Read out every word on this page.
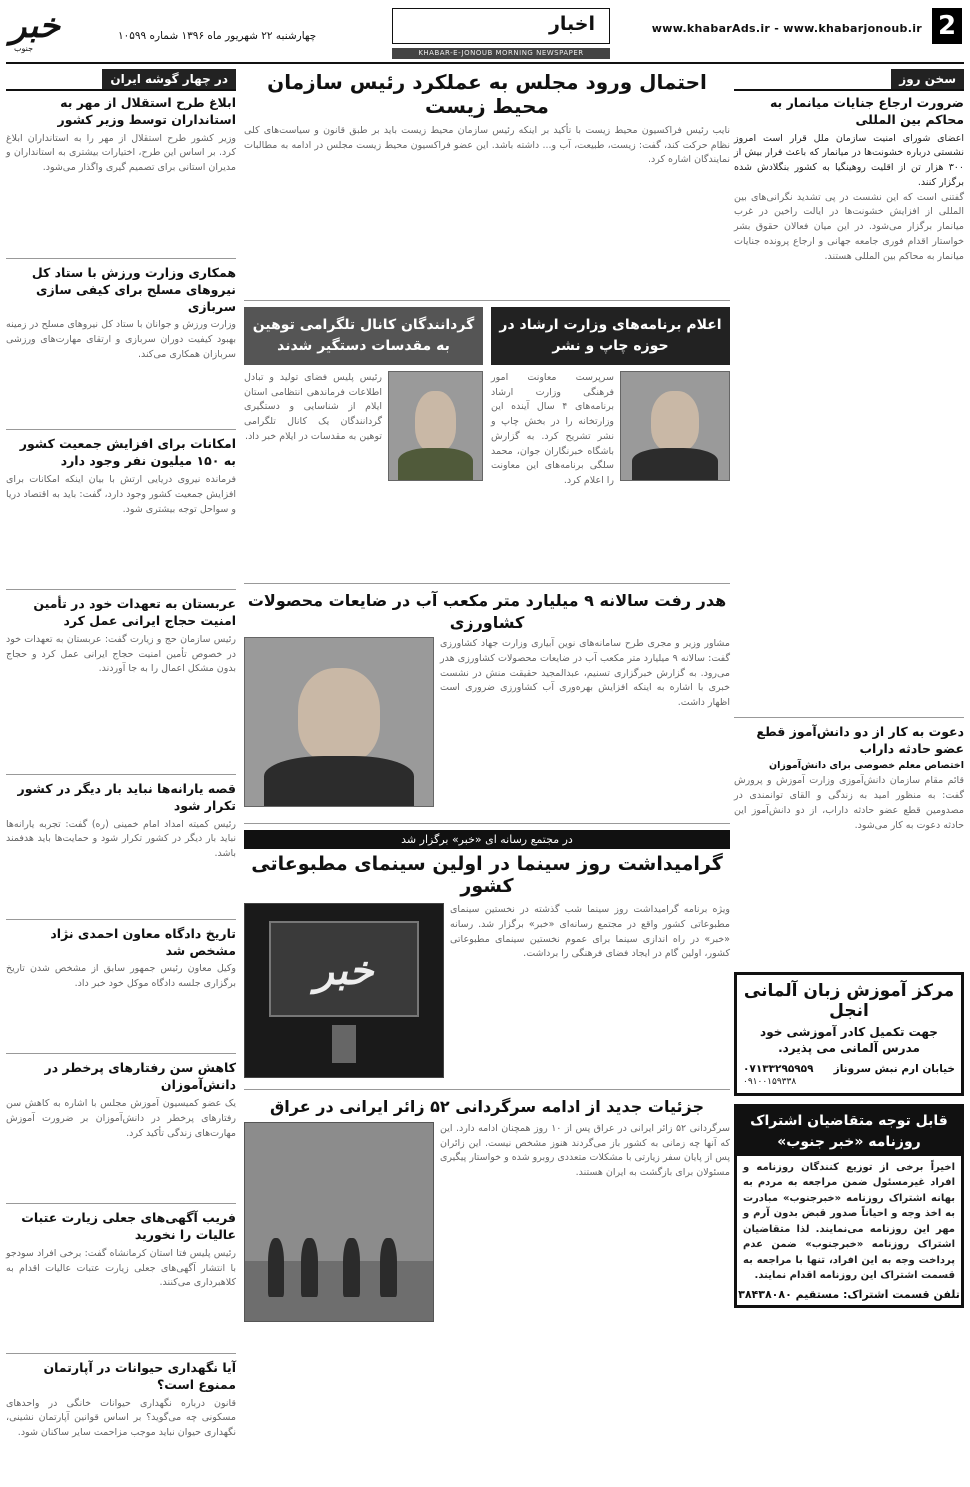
2
www.khabarAds.ir - www.khabarjonoub.ir
اخبار
چهارشنبه ۲۲ شهریور ماه ۱۳۹۶ شماره ۱۰۵۹۹
KHABAR-E-JONOUB MORNING NEWSPAPER
خبر
جنوب
سخن روز
ضرورت ارجاع جنایات میانمار به محاکم بین المللی
اعضای شورای امنیت سازمان ملل قرار است امروز نشستی درباره خشونت‌ها در میانمار که باعث فرار بیش از ۳۰۰ هزار تن از اقلیت روهینگیا به کشور بنگلادش شده برگزار کنند.
گفتنی است که این نشست در پی تشدید نگرانی‌های بین المللی از افزایش خشونت‌ها در ایالت راخین در غرب میانمار برگزار می‌شود. در این میان فعالان حقوق بشر خواستار اقدام فوری جامعه جهانی و ارجاع پرونده جنایات میانمار به محاکم بین المللی هستند.
دعوت به کار از دو دانش‌آموز قطع عضو حادثه داراب
اختصاص معلم خصوصی برای دانش‌آموزان
قائم مقام سازمان دانش‌آموزی وزارت آموزش و پرورش گفت: به منظور امید به زندگی و القای توانمندی در مصدومین قطع عضو حادثه داراب، از دو دانش‌آموز این حادثه دعوت به کار می‌شود.
مرکز آموزش زبان آلمانی انجل
جهت تکمیل کادر آموزشی خود
مدرس آلمانی می پذیرد.
۰۷۱۳۳۲۹۵۹۵۹ خیابان ارم نبش سروناز
۰۹۱۰۰۱۵۹۳۳۸
قابل توجه متقاضیان اشتراک روزنامه «خبر جنوب»
اخیراً برخی از توزیع کنندگان روزنامه و افراد غیرمسئول ضمن مراجعه به مردم به بهانه اشتراک روزنامه «خبرجنوب» مبادرت به اخذ وجه و احیاناً صدور قبض بدون آرم و مهر این روزنامه می‌نمایند. لذا متقاضیان اشتراک روزنامه «خبرجنوب» ضمن عدم پرداخت وجه به این افراد، تنها با مراجعه به قسمت اشتراک این روزنامه اقدام نمایند.
تلفن قسمت اشتراک: مستقیم ۳۸۴۳۸۰۸۰
احتمال ورود مجلس به عملکرد رئیس سازمان محیط زیست
نایب رئیس فراکسیون محیط زیست با تأکید بر اینکه رئیس سازمان محیط زیست باید بر طبق قانون و سیاست‌های کلی نظام حرکت کند، گفت: زیست، طبیعت، آب و... داشته باشد. این عضو فراکسیون محیط زیست مجلس در ادامه به مطالبات نمایندگان اشاره کرد.
اعلام برنامه‌های وزارت ارشاد در حوزه چاپ و نشر
سرپرست معاونت امور فرهنگی وزارت ارشاد برنامه‌های ۴ سال آینده این وزارتخانه را در بخش چاپ و نشر تشریح کرد. به گزارش باشگاه خبرنگاران جوان، محمد سلگی برنامه‌های این معاونت را اعلام کرد.
گردانندگان کانال تلگرامی توهین به مقدسات دستگیر شدند
رئیس پلیس فضای تولید و تبادل اطلاعات فرماندهی انتظامی استان ایلام از شناسایی و دستگیری گردانندگان یک کانال تلگرامی توهین به مقدسات در ایلام خبر داد.
هدر رفت سالانه ۹ میلیارد متر مکعب آب در ضایعات محصولات کشاورزی
مشاور وزیر و مجری طرح سامانه‌های نوین آبیاری وزارت جهاد کشاورزی گفت: سالانه ۹ میلیارد متر مکعب آب در ضایعات محصولات کشاورزی هدر می‌رود. به گزارش خبرگزاری تسنیم، عبدالمجید حقیقت منش در نشست خبری با اشاره به اینکه افزایش بهره‌وری آب کشاورزی ضروری است اظهار داشت.
در مجتمع رسانه ای «خبر» برگزار شد
گرامیداشت روز سینما در اولین سینمای مطبوعاتی کشور
ویژه برنامه گرامیداشت روز سینما شب گذشته در نخستین سینمای مطبوعاتی کشور واقع در مجتمع رسانه‌ای «خبر» برگزار شد. رسانه «خبر» در راه اندازی سینما برای عموم نخستین سینمای مطبوعاتی کشور، اولین گام در ایجاد فضای فرهنگی را برداشت.
خبر
جزئیات جدید از ادامه سرگردانی ۵۲ زائر ایرانی در عراق
سرگردانی ۵۲ زائر ایرانی در عراق پس از ۱۰ روز همچنان ادامه دارد. این که آنها چه زمانی به کشور باز می‌گردند هنوز مشخص نیست. این زائران پس از پایان سفر زیارتی با مشکلات متعددی روبرو شده و خواستار پیگیری مسئولان برای بازگشت به ایران هستند.
در چهار گوشه ایران
ابلاغ طرح استقلال از مهر به استانداران توسط وزیر کشور
وزیر کشور طرح استقلال از مهر را به استانداران ابلاغ کرد. بر اساس این طرح، اختیارات بیشتری به استانداران و مدیران استانی برای تصمیم گیری واگذار می‌شود.
همکاری وزارت ورزش با ستاد کل نیروهای مسلح برای کیفی سازی سربازی
وزارت ورزش و جوانان با ستاد کل نیروهای مسلح در زمینه بهبود کیفیت دوران سربازی و ارتقای مهارت‌های ورزشی سربازان همکاری می‌کند.
امکانات برای افزایش جمعیت کشور به ۱۵۰ میلیون نفر وجود دارد
فرمانده نیروی دریایی ارتش با بیان اینکه امکانات برای افزایش جمعیت کشور وجود دارد، گفت: باید به اقتصاد دریا و سواحل توجه بیشتری شود.
عربستان به تعهدات خود در تأمین امنیت حجاج ایرانی عمل کرد
رئیس سازمان حج و زیارت گفت: عربستان به تعهدات خود در خصوص تأمین امنیت حجاج ایرانی عمل کرد و حجاج بدون مشکل اعمال را به جا آوردند.
قصه یارانه‌ها نباید بار دیگر در کشور تکرار شود
رئیس کمیته امداد امام خمینی (ره) گفت: تجربه یارانه‌ها نباید بار دیگر در کشور تکرار شود و حمایت‌ها باید هدفمند باشد.
تاریخ دادگاه معاون احمدی نژاد مشخص شد
وکیل معاون رئیس جمهور سابق از مشخص شدن تاریخ برگزاری جلسه دادگاه موکل خود خبر داد.
کاهش سن رفتارهای پرخطر در دانش‌آموزان
یک عضو کمیسیون آموزش مجلس با اشاره به کاهش سن رفتارهای پرخطر در دانش‌آموزان بر ضرورت آموزش مهارت‌های زندگی تأکید کرد.
فریب آگهی‌های جعلی زیارت عتبات عالیات را نخورید
رئیس پلیس فتا استان کرمانشاه گفت: برخی افراد سودجو با انتشار آگهی‌های جعلی زیارت عتبات عالیات اقدام به کلاهبرداری می‌کنند.
آیا نگهداری حیوانات در آپارتمان ممنوع است؟
قانون درباره نگهداری حیوانات خانگی در واحدهای مسکونی چه می‌گوید؟ بر اساس قوانین آپارتمان نشینی، نگهداری حیوان نباید موجب مزاحمت سایر ساکنان شود.
